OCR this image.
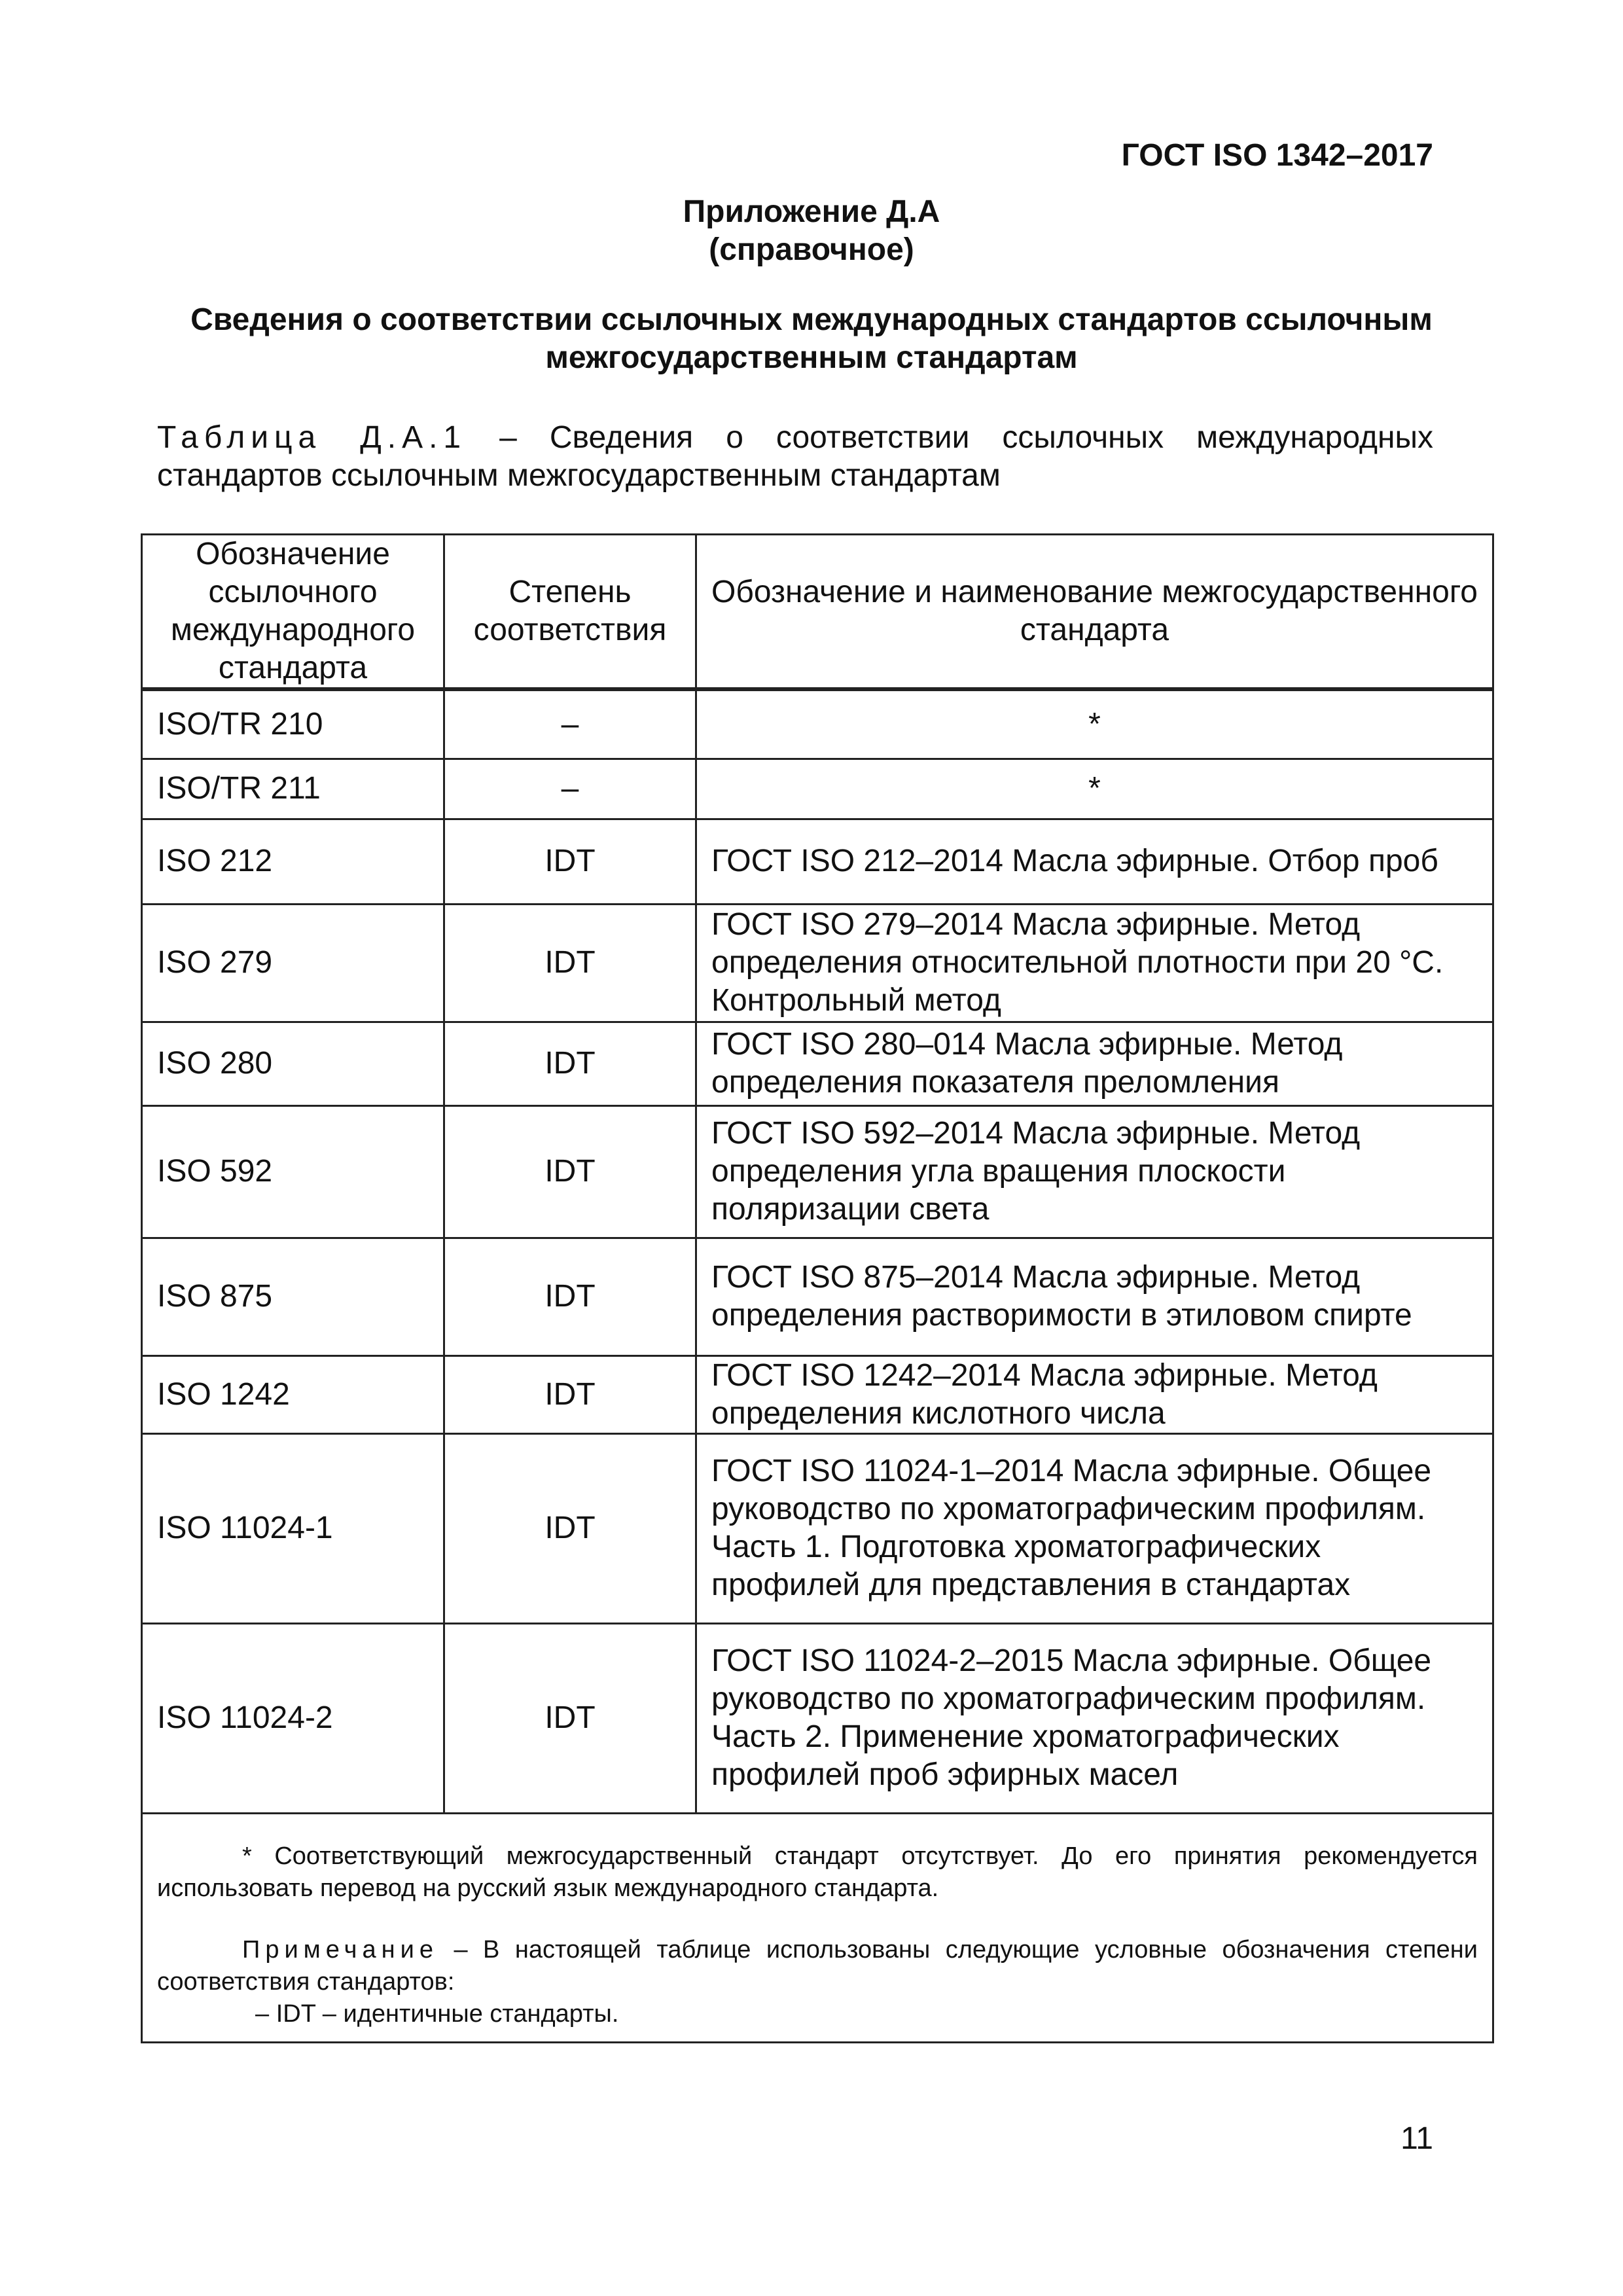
ГОСТ ISO 1342–2017
Приложение Д.А
(справочное)
Сведения о соответствии ссылочных международных стандартов ссылочным
межгосударственным стандартам
Таблица Д.А.1 – Сведения о соответствии ссылочных международных стандартов ссылочным межгосударственным стандартам
Обозначение ссылочного международного стандарта	Степень соответствия	Обозначение и наименование межгосударственного стандарта
ISO/TR 210	–	*
ISO/TR 211	–	*
ISO 212	IDT	ГОСТ ISO 212–2014 Масла эфирные. Отбор проб
ISO 279	IDT	ГОСТ ISO 279–2014 Масла эфирные. Метод определения относительной плотности при 20 °С. Контрольный метод
ISO 280	IDT	ГОСТ ISO 280–014 Масла эфирные. Метод определения показателя преломления
ISO 592	IDT	ГОСТ ISO 592–2014 Масла эфирные. Метод определения угла вращения плоскости поляризации света
ISO 875	IDT	ГОСТ ISO 875–2014 Масла эфирные. Метод определения растворимости в этиловом спирте
ISO 1242	IDT	ГОСТ ISO 1242–2014 Масла эфирные. Метод определения кислотного числа
ISO 11024-1	IDT	ГОСТ ISO 11024-1–2014 Масла эфирные. Общее руководство по хроматографическим профилям. Часть 1. Подготовка хроматографических профилей для представления в стандартах
ISO 11024-2	IDT	ГОСТ ISO 11024-2–2015 Масла эфирные. Общее руководство по хроматографическим профилям. Часть 2. Применение хроматографических профилей проб эфирных масел

* Соответствующий межгосударственный стандарт отсутствует. До его принятия рекомендуется использовать перевод на русский язык международного стандарта.
Примечание – В настоящей таблице использованы следующие условные обозначения степени соответствия стандартов:
– IDT – идентичные стандарты.		
11
